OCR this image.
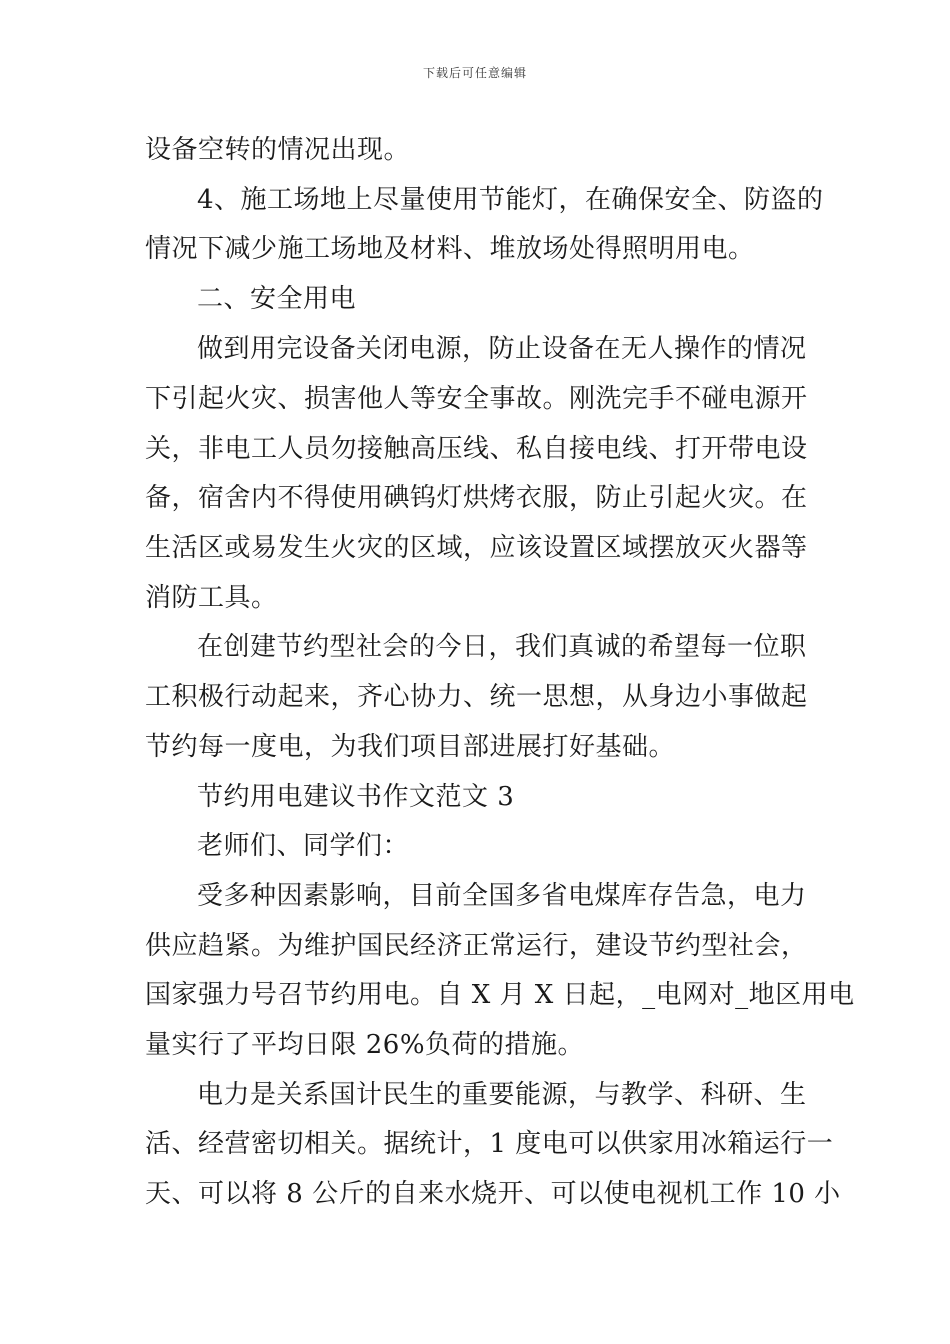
下载后可任意编辑
设备空转的情况出现。
4、施工场地上尽量使用节能灯，在确保安全、防盗的
情况下减少施工场地及材料、堆放场处得照明用电。
二、安全用电
做到用完设备关闭电源，防止设备在无人操作的情况
下引起火灾、损害他人等安全事故。刚洗完手不碰电源开
关，非电工人员勿接触高压线、私自接电线、打开带电设
备，宿舍内不得使用碘钨灯烘烤衣服，防止引起火灾。在
生活区或易发生火灾的区域，应该设置区域摆放灭火器等
消防工具。
在创建节约型社会的今日，我们真诚的希望每一位职
工积极行动起来，齐心协力、统一思想，从身边小事做起
节约每一度电，为我们项目部进展打好基础。
节约用电建议书作文范文 3
老师们、同学们：
受多种因素影响，目前全国多省电煤库存告急，电力
供应趋紧。为维护国民经济正常运行，建设节约型社会，
国家强力号召节约用电。自 X 月 X 日起，_电网对_地区用电
量实行了平均日限 26%负荷的措施。
电力是关系国计民生的重要能源，与教学、科研、生
活、经营密切相关。据统计，1 度电可以供家用冰箱运行一
天、可以将 8 公斤的自来水烧开、可以使电视机工作 10 小
